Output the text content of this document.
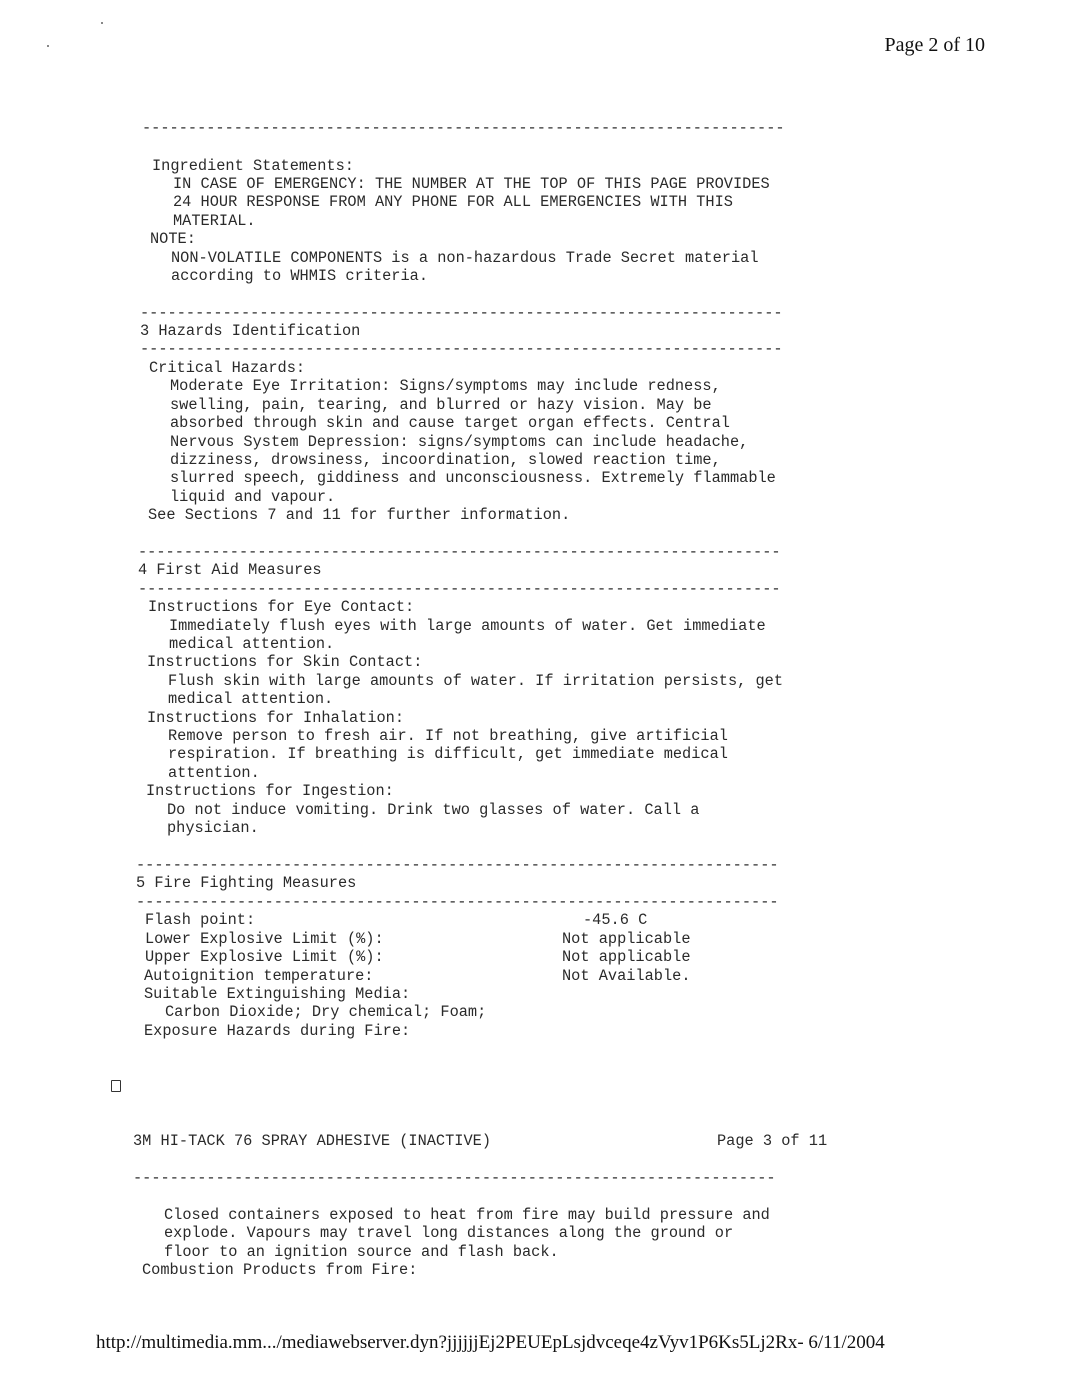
Page 2 of 10
----------------------------------------------------------------------
Ingredient Statements:
IN CASE OF EMERGENCY: THE NUMBER AT THE TOP OF THIS PAGE PROVIDES
24 HOUR RESPONSE FROM ANY PHONE FOR ALL EMERGENCIES WITH THIS
MATERIAL.
NOTE:
NON-VOLATILE COMPONENTS is a non-hazardous Trade Secret material
according to WHMIS criteria.
----------------------------------------------------------------------
3 Hazards Identification
----------------------------------------------------------------------
Critical Hazards:
Moderate Eye Irritation: Signs/symptoms may include redness,
swelling, pain, tearing, and blurred or hazy vision. May be
absorbed through skin and cause target organ effects. Central
Nervous System Depression: signs/symptoms can include headache,
dizziness, drowsiness, incoordination, slowed reaction time,
slurred speech, giddiness and unconsciousness. Extremely flammable
liquid and vapour.
See Sections 7 and 11 for further information.
----------------------------------------------------------------------
4 First Aid Measures
----------------------------------------------------------------------
Instructions for Eye Contact:
Immediately flush eyes with large amounts of water. Get immediate
medical attention.
Instructions for Skin Contact:
Flush skin with large amounts of water. If irritation persists, get
medical attention.
Instructions for Inhalation:
Remove person to fresh air. If not breathing, give artificial
respiration. If breathing is difficult, get immediate medical
attention.
Instructions for Ingestion:
Do not induce vomiting. Drink two glasses of water. Call a
physician.
----------------------------------------------------------------------
5 Fire Fighting Measures
----------------------------------------------------------------------
Flash point:	-45.6 C
Lower Explosive Limit (%):	Not applicable
Upper Explosive Limit (%):	Not applicable
Autoignition temperature:	Not Available.
Suitable Extinguishing Media:
Carbon Dioxide; Dry chemical; Foam;
Exposure Hazards during Fire:
3M HI-TACK 76 SPRAY ADHESIVE (INACTIVE)	Page 3 of 11
----------------------------------------------------------------------
Closed containers exposed to heat from fire may build pressure and
explode. Vapours may travel long distances along the ground or
floor to an ignition source and flash back.
Combustion Products from Fire:
http://multimedia.mm.../mediawebserver.dyn?jjjjjjEj2PEUEpLsjdvceqe4zVyv1P6Ks5Lj2Rx- 6/11/2004
